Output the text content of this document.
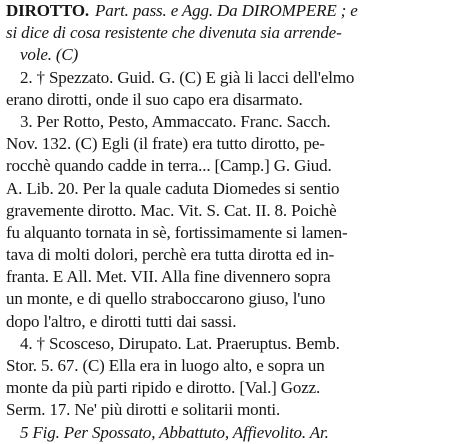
DIROTTO. Part. pass. e Agg. Da DIROMPERE ; e
si dice di cosa resistente che divenuta sia arrende-
vole. (C)
2. † Spezzato. Guid. G. (C) E già li lacci dell'elmo
erano dirotti, onde il suo capo era disarmato.
3. Per Rotto, Pesto, Ammaccato. Franc. Sacch.
Nov. 132. (C) Egli (il frate) era tutto dirotto, pe-
rocchè quando cadde in terra... [Camp.] G. Giud.
A. Lib. 20. Per la quale caduta Diomedes si sentio
gravemente dirotto. Mac. Vit. S. Cat. II. 8. Poichè
fu alquanto tornata in sè, fortissimamente si lamen-
tava di molti dolori, perchè era tutta dirotta ed in-
franta. E All. Met. VII. Alla fine divennero sopra
un monte, e di quello straboccarono giuso, l'uno
dopo l'altro, e dirotti tutti dai sassi.
4. † Scosceso, Dirupato. Lat. Praeruptus. Bemb.
Stor. 5. 67. (C) Ella era in luogo alto, e sopra un
monte da più parti ripido e dirotto. [Val.] Gozz.
Serm. 17. Ne' più dirotti e solitarii monti.
5 Fig. Per Spossato, Abbattuto, Affievolito. Ar.
